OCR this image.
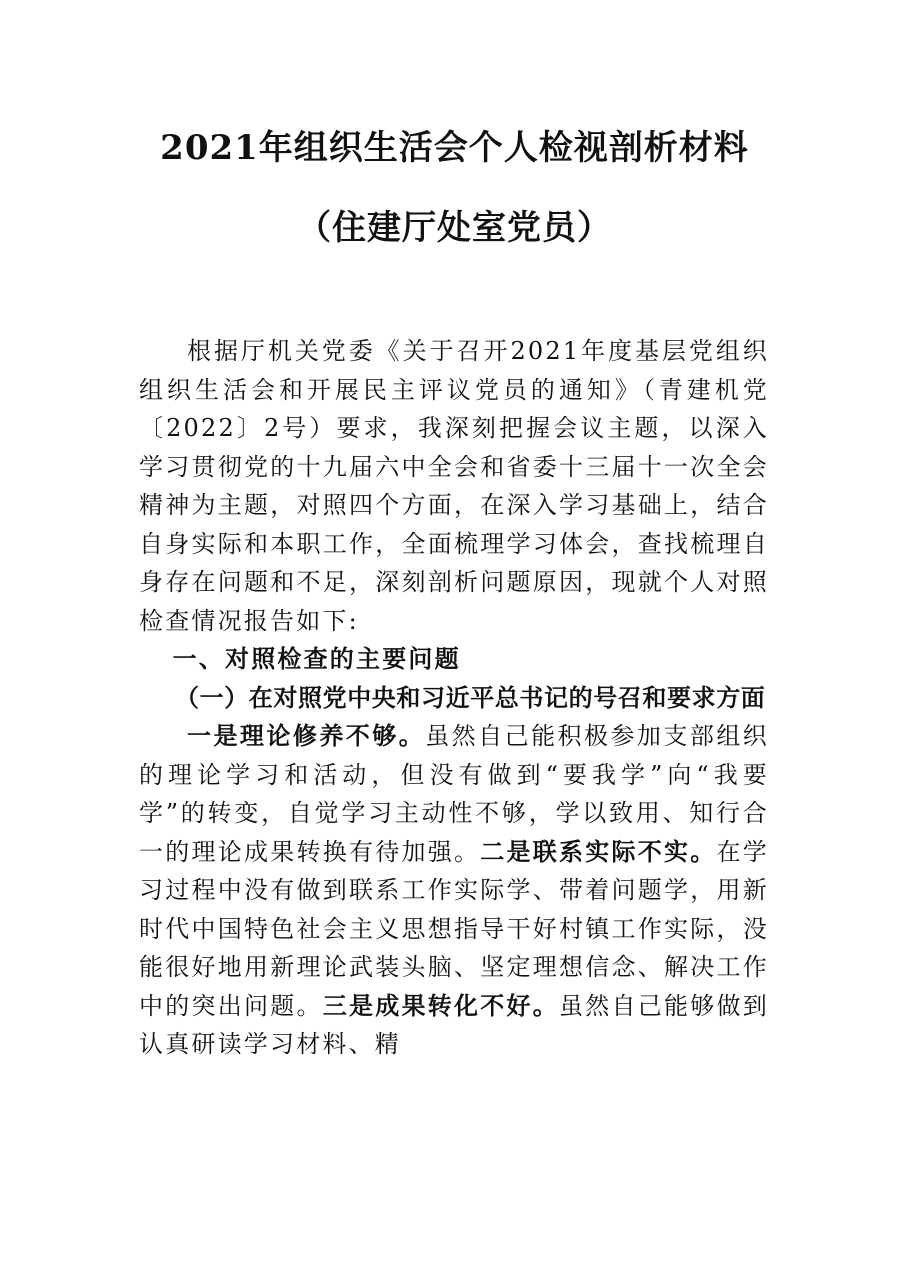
2021年组织生活会个人检视剖析材料
（住建厅处室党员）

根据厅机关党委《关于召开2021年度基层党组织组织生活会和开展民主评议党员的通知》（青建机党〔2022〕2号）要求，我深刻把握会议主题，以深入学习贯彻党的十九届六中全会和省委十三届十一次全会精神为主题，对照四个方面，在深入学习基础上，结合自身实际和本职工作，全面梳理学习体会，查找梳理自身存在问题和不足，深刻剖析问题原因，现就个人对照检查情况报告如下:

一、对照检查的主要问题

（一）在对照党中央和习近平总书记的号召和要求方面

一是理论修养不够。虽然自己能积极参加支部组织的理论学习和活动，但没有做到“要我学”向“我要学”的转变，自觉学习主动性不够，学以致用、知行合一的理论成果转换有待加强。二是联系实际不实。在学习过程中没有做到联系工作实际学、带着问题学，用新时代中国特色社会主义思想指导干好村镇工作实际，没能很好地用新理论武装头脑、坚定理想信念、解决工作中的突出问题。三是成果转化不好。虽然自己能够做到认真研读学习材料、精
